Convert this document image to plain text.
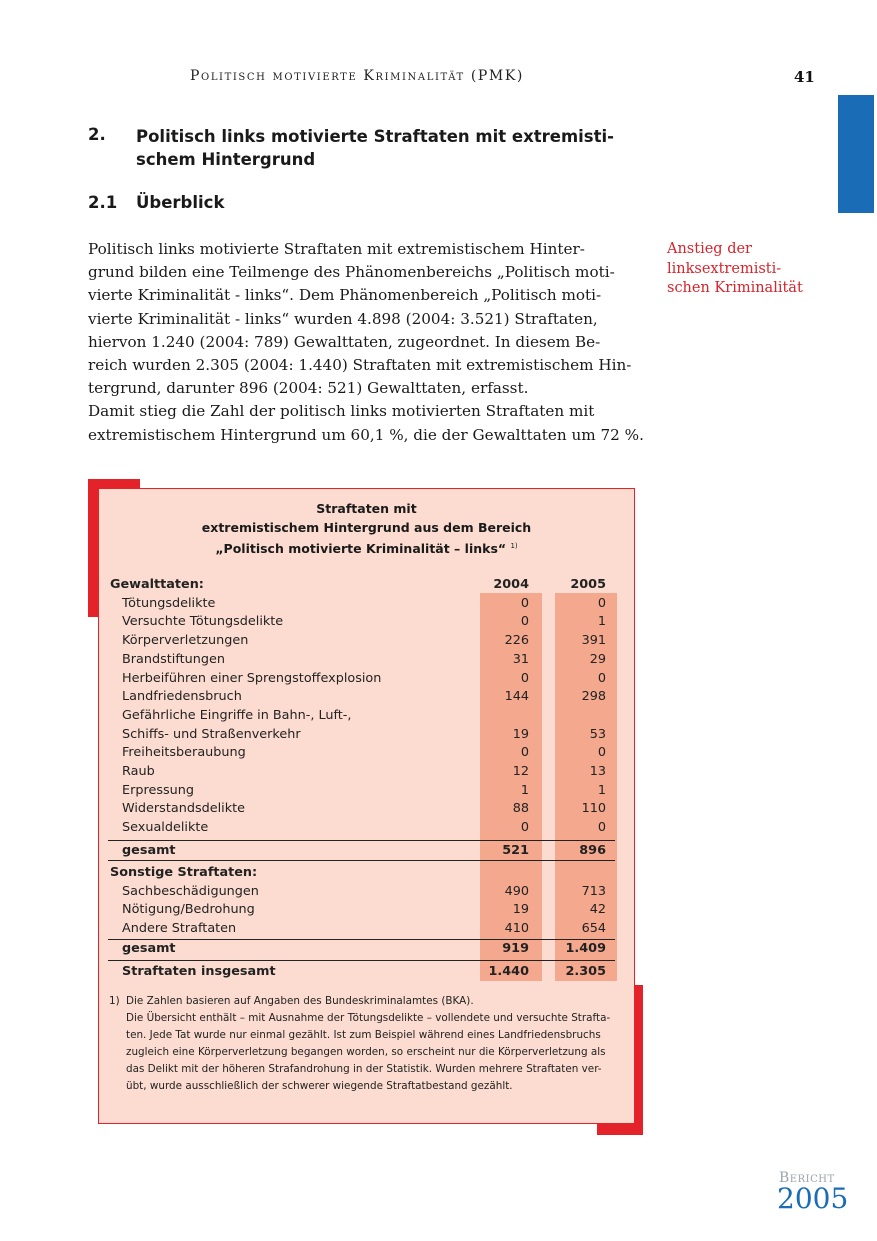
Politisch motivierte Kriminalität (PMK)	41
2. Politisch links motivierte Straftaten mit extremisti-
schem Hintergrund
2.1 Überblick
Politisch links motivierte Straftaten mit extremistischem Hinter-
grund bilden eine Teilmenge des Phänomenbereichs „Politisch moti-
vierte Kriminalität - links“. Dem Phänomenbereich „Politisch moti-
vierte Kriminalität - links“ wurden 4.898 (2004: 3.521) Straftaten,
hiervon 1.240 (2004: 789) Gewalttaten, zugeordnet. In diesem Be-
reich wurden 2.305 (2004: 1.440) Straftaten mit extremistischem Hin-
tergrund, darunter 896 (2004: 521) Gewalttaten, erfasst.
Damit stieg die Zahl der politisch links motivierten Straftaten mit
extremistischem Hintergrund um 60,1 %, die der Gewalttaten um 72 %.
Anstieg der
linksextremisti-
schen Kriminalität
Straftaten mit
extremistischem Hintergrund aus dem Bereich
„Politisch motivierte Kriminalität – links“ $^{1)}$
Gewalttaten:	2004	2005
Tötungsdelikte	0	0
Versuchte Tötungsdelikte	0	1
Körperverletzungen	226	391
Brandstiftungen	31	29
Herbeiführen einer Sprengstoffexplosion	0	0
Landfriedensbruch	144	298
Gefährliche Eingriffe in Bahn-, Luft-,
Schiffs- und Straßenverkehr	19	53
Freiheitsberaubung	0	0
Raub	12	13
Erpressung	1	1
Widerstandsdelikte	88	110
Sexualdelikte	0	0
gesamt	521	896
Sonstige Straftaten:
Sachbeschädigungen	490	713
Nötigung/Bedrohung	19	42
Andere Straftaten	410	654
gesamt	919	1.409
Straftaten insgesamt	1.440	2.305
1) Die Zahlen basieren auf Angaben des Bundeskriminalamtes (BKA).
Die Übersicht enthält – mit Ausnahme der Tötungsdelikte – vollendete und versuchte Strafta-
ten. Jede Tat wurde nur einmal gezählt. Ist zum Beispiel während eines Landfriedensbruchs
zugleich eine Körperverletzung begangen worden, so erscheint nur die Körperverletzung als
das Delikt mit der höheren Strafandrohung in der Statistik. Wurden mehrere Straftaten ver-
übt, wurde ausschließlich der schwerer wiegende Straftatbestand gezählt.
Bericht
2005
